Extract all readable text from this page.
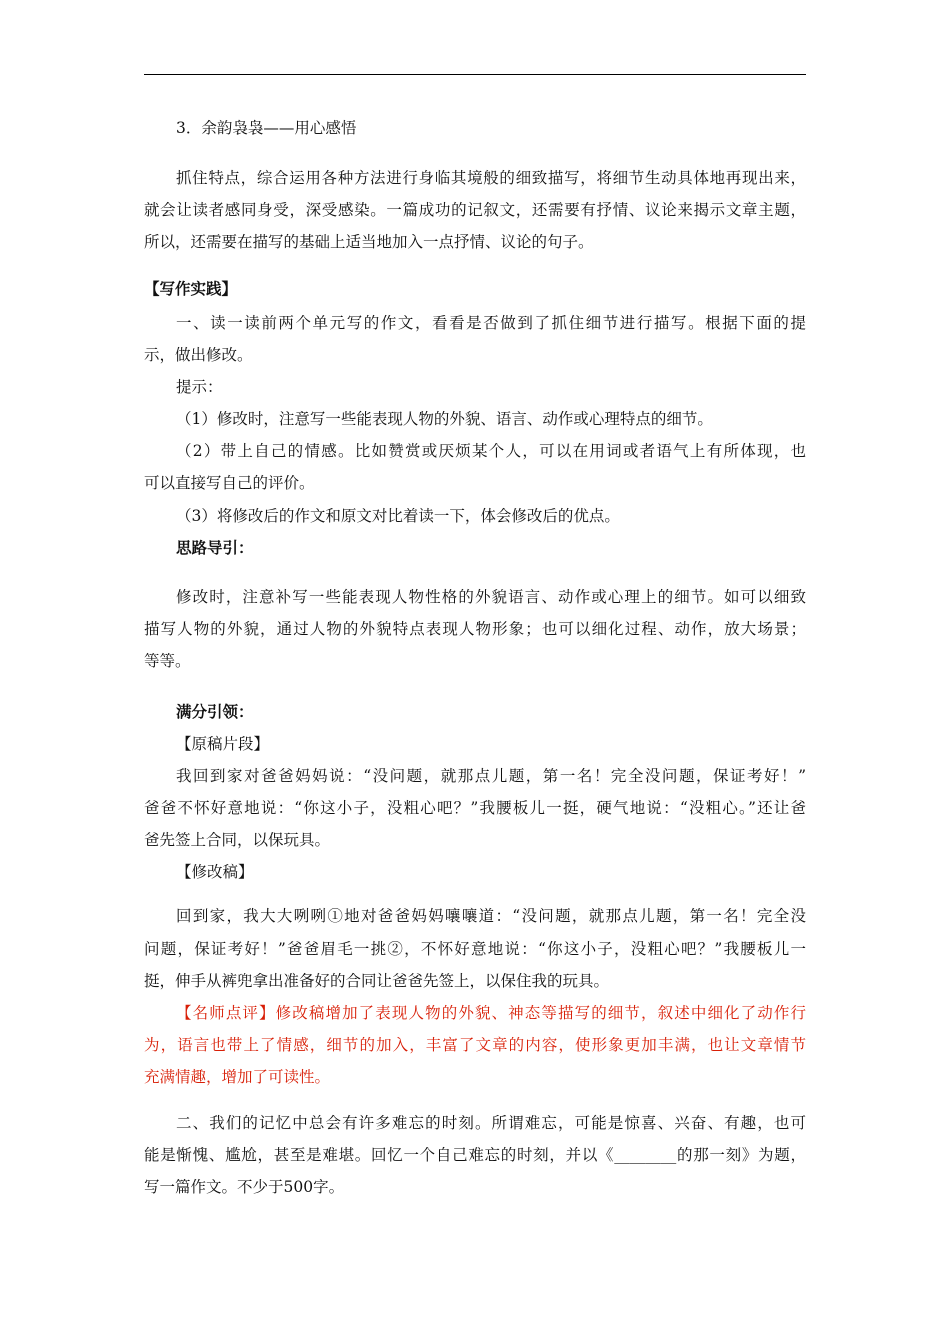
3．余韵袅袅——用心感悟
抓住特点，综合运用各种方法进行身临其境般的细致描写，将细节生动具体地再现出来，
就会让读者感同身受，深受感染。一篇成功的记叙文，还需要有抒情、议论来揭示文章主题，
所以，还需要在描写的基础上适当地加入一点抒情、议论的句子。
【写作实践】
一、读一读前两个单元写的作文，看看是否做到了抓住细节进行描写。根据下面的提
示，做出修改。
提示：
（1）修改时，注意写一些能表现人物的外貌、语言、动作或心理特点的细节。
（2）带上自己的情感。比如赞赏或厌烦某个人，可以在用词或者语气上有所体现，也
可以直接写自己的评价。
（3）将修改后的作文和原文对比着读一下，体会修改后的优点。
思路导引：
修改时，注意补写一些能表现人物性格的外貌语言、动作或心理上的细节。如可以细致
描写人物的外貌，通过人物的外貌特点表现人物形象；也可以细化过程、动作，放大场景；
等等。
满分引领：
【原稿片段】
我回到家对爸爸妈妈说：“没问题，就那点儿题，第一名！完全没问题，保证考好！”
爸爸不怀好意地说：“你这小子，没粗心吧？”我腰板儿一挺，硬气地说：“没粗心。”还让爸
爸先签上合同，以保玩具。
【修改稿】
回到家，我大大咧咧①地对爸爸妈妈嚷嚷道：“没问题，就那点儿题，第一名！完全没
问题，保证考好！”爸爸眉毛一挑②，不怀好意地说：“你这小子，没粗心吧？”我腰板儿一
挺，伸手从裤兜拿出准备好的合同让爸爸先签上，以保住我的玩具。
【名师点评】修改稿增加了表现人物的外貌、神态等描写的细节，叙述中细化了动作行
为，语言也带上了情感，细节的加入，丰富了文章的内容，使形象更加丰满，也让文章情节
充满情趣，增加了可读性。
二、我们的记忆中总会有许多难忘的时刻。所谓难忘，可能是惊喜、兴奋、有趣，也可
能是惭愧、尴尬，甚至是难堪。回忆一个自己难忘的时刻，并以《________的那一刻》为题，
写一篇作文。不少于500字。
